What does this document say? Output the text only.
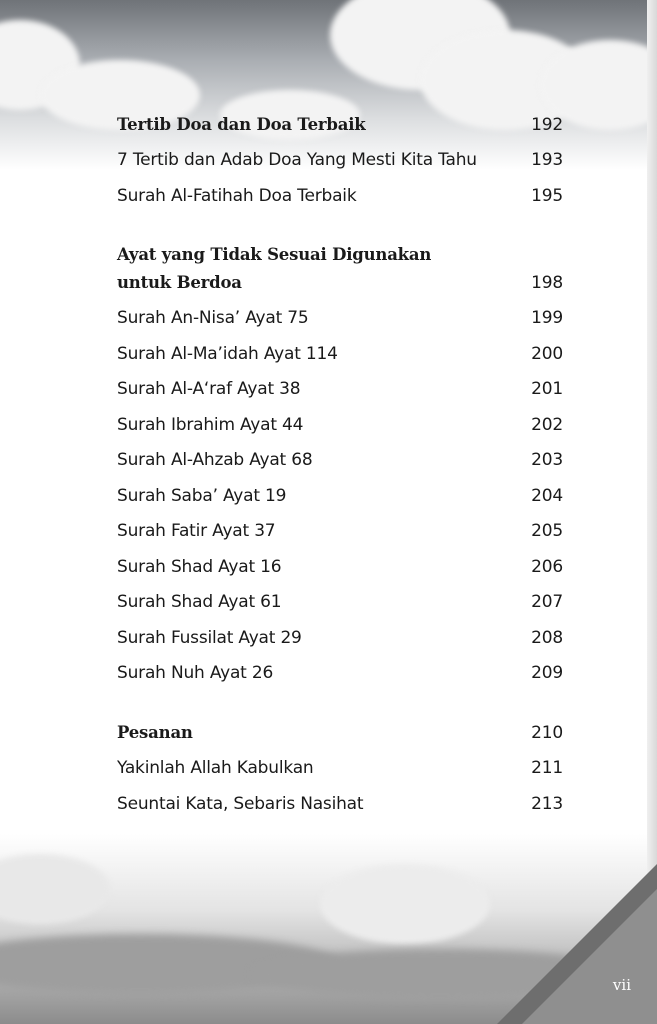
vii
Tertib Doa dan Doa Terbaik	192
7 Tertib dan Adab Doa Yang Mesti Kita Tahu	193
Surah Al-Fatihah Doa Terbaik	195
Ayat yang Tidak Sesuai Digunakan
untuk Berdoa	198
Surah An-Nisa’ Ayat 75	199
Surah Al-Ma’idah Ayat 114	200
Surah Al-A‘raf Ayat 38	201
Surah Ibrahim Ayat 44	202
Surah Al-Ahzab Ayat 68	203
Surah Saba’ Ayat 19	204
Surah Fatir Ayat 37	205
Surah Shad Ayat 16	206
Surah Shad Ayat 61	207
Surah Fussilat Ayat 29	208
Surah Nuh Ayat 26	209
Pesanan	210
Yakinlah Allah Kabulkan	211
Seuntai Kata, Sebaris Nasihat	213
